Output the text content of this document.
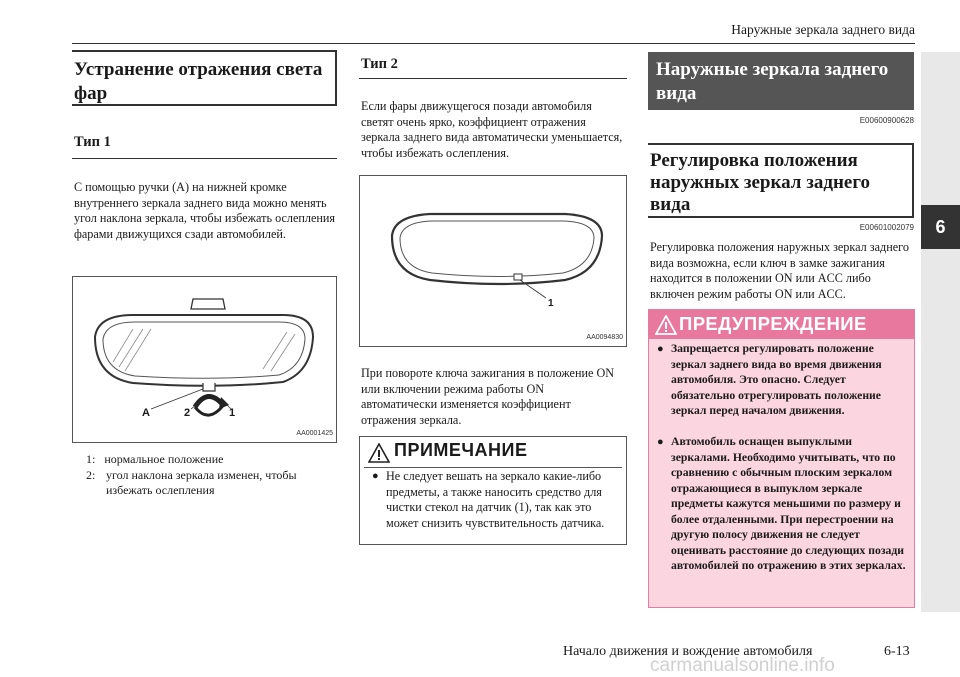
Наружные зеркала заднего вида
6
Устранение отражения света фар
Тип 1
С помощью ручки (A) на нижней кромке внутреннего зеркала заднего вида можно менять угол наклона зеркала, чтобы избежать ослепления фарами движущихся сзади автомобилей.
A	2	1
AA0001425
1: нормальное положение
2: угол наклона зеркала изменен, чтобы избежать ослепления
Тип 2
Если фары движущегося позади автомобиля светят очень ярко, коэффициент отражения зеркала заднего вида автоматически уменьшается, чтобы избежать ослепления.
1
AA0094830
При повороте ключа зажигания в положение ON или включении режима работы ON автоматически изменяется коэффициент отражения зеркала.
ПРИМЕЧАНИЕ
● Не следует вешать на зеркало какие-либо предметы, а также наносить средство для чистки стекол на датчик (1), так как это может снизить чувствительность датчика.
Наружные зеркала заднего вида
E00600900628
Регулировка положения наружных зеркал заднего вида
E00601002079
Регулировка положения наружных зеркал заднего вида возможна, если ключ в замке зажигания находится в положении ON или ACC либо включен режим работы ON или ACC.
ПРЕДУПРЕЖДЕНИЕ
● Запрещается регулировать положение зеркал заднего вида во время движения автомобиля. Это опасно. Следует обязательно отрегулировать положение зеркал перед началом движения.
● Автомобиль оснащен выпуклыми зеркалами. Необходимо учитывать, что по сравнению с обычным плоским зеркалом отражающиеся в выпуклом зеркале предметы кажутся меньшими по размеру и более отдаленными. При перестроении на другую полосу движения не следует оценивать расстояние до следующих позади автомобилей по отражению в этих зеркалах.
Начало движения и вождение автомобиля	6-13
carmanualsonline.info
